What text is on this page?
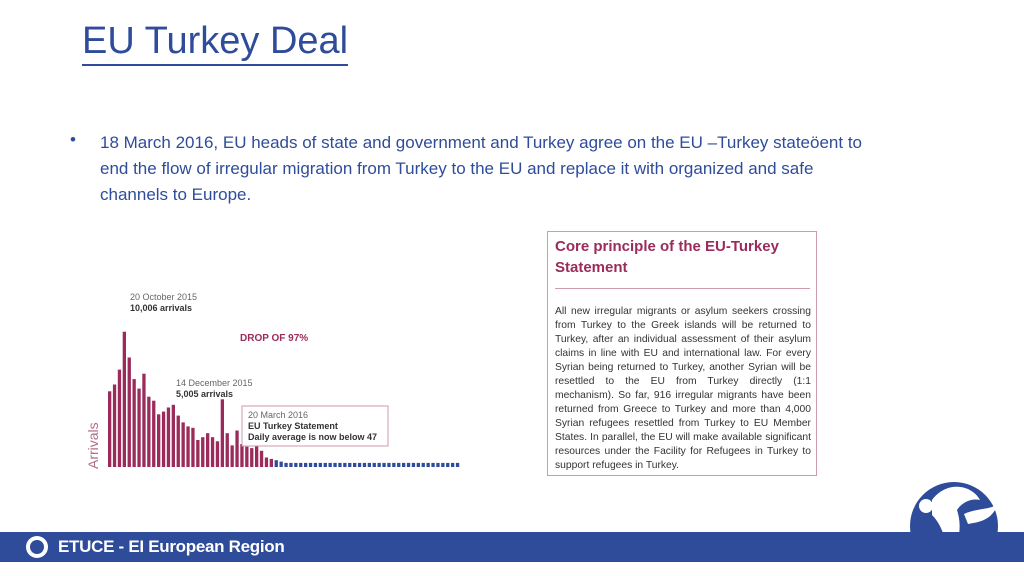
EU Turkey Deal
• 18 March 2016, EU heads of state and government and Turkey agree on the EU –Turkey stateöent to end the flow of irregular migration from Turkey to the EU and replace it with organized and safe channels to Europe.
Arrivals
20 October 2015
10,006 arrivals
DROP OF 97%
14 December 2015
5,005 arrivals
20 March 2016
EU Turkey Statement
Daily average is now below 47
Core principle of the EU-Turkey Statement
All new irregular migrants or asylum seekers crossing from Turkey to the Greek islands will be returned to Turkey, after an individual assessment of their asylum claims in line with EU and international law. For every Syrian being returned to Turkey, another Syrian will be resettled to the EU from Turkey directly (1:1 mechanism). So far, 916 irregular migrants have been returned from Greece to Turkey and more than 4,000 Syrian refugees resettled from Turkey to EU Member States. In parallel, the EU will make available significant resources under the Facility for Refugees in Turkey to support refugees in Turkey.
ETUCE - EI European Region
